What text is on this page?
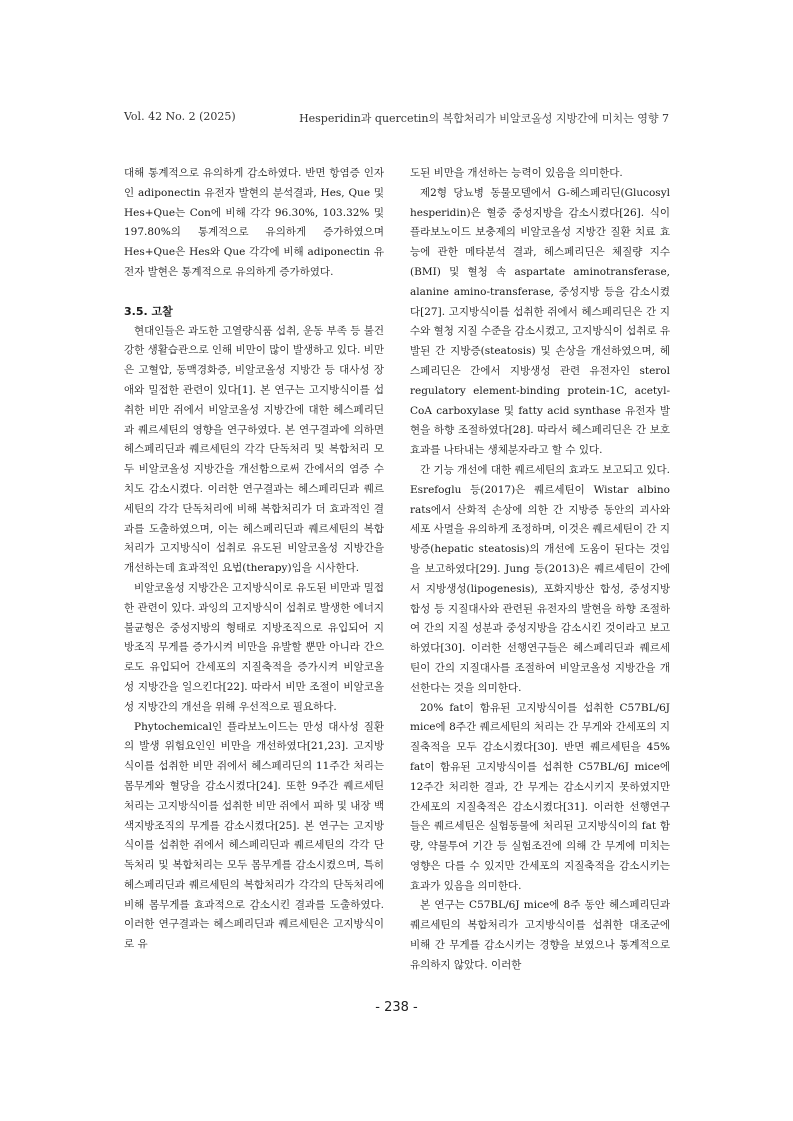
Vol. 42 No. 2 (2025)	Hesperidin과 quercetin의 복합처리가 비알코올성 지방간에 미치는 영향 7

대해 통계적으로 유의하게 감소하였다. 반면 항염증 인자인 adiponectin 유전자 발현의 분석결과, Hes, Que 및 Hes+Que는 Con에 비해 각각 96.30%, 103.32% 및 197.80%의 통계적으로 유의하게 증가하였으며 Hes+Que은 Hes와 Que 각각에 비해 adiponectin 유전자 발현은 통계적으로 유의하게 증가하였다.

3.5. 고찰

현대인들은 과도한 고열량식품 섭취, 운동 부족 등 불건강한 생활습관으로 인해 비만이 많이 발생하고 있다. 비만은 고혈압, 동맥경화증, 비알코올성 지방간 등 대사성 장애와 밀접한 관련이 있다[1]. 본 연구는 고지방식이를 섭취한 비만 쥐에서 비알코올성 지방간에 대한 헤스페리딘과 퀘르세틴의 영향을 연구하였다. 본 연구결과에 의하면 헤스페리딘과 퀘르세틴의 각각 단독처리 및 복합처리 모두 비알코올성 지방간을 개선함으로써 간에서의 염증 수치도 감소시켰다. 이러한 연구결과는 헤스페리딘과 퀘르세틴의 각각 단독처리에 비해 복합처리가 더 효과적인 결과를 도출하였으며, 이는 헤스페리딘과 퀘르세틴의 복합처리가 고지방식이 섭취로 유도된 비알코올성 지방간을 개선하는데 효과적인 요법(therapy)임을 시사한다.

비알코올성 지방간은 고지방식이로 유도된 비만과 밀접한 관련이 있다. 과잉의 고지방식이 섭취로 발생한 에너지 불균형은 중성지방의 형태로 지방조직으로 유입되어 지방조직 무게를 증가시켜 비만을 유발할 뿐만 아니라 간으로도 유입되어 간세포의 지질축적을 증가시켜 비알코올성 지방간을 일으킨다[22]. 따라서 비만 조절이 비알코올성 지방간의 개선을 위해 우선적으로 필요하다.

Phytochemical인 플라보노이드는 만성 대사성 질환의 발생 위험요인인 비만을 개선하였다[21,23]. 고지방식이를 섭취한 비만 쥐에서 헤스페리딘의 11주간 처리는 몸무게와 혈당을 감소시켰다[24]. 또한 9주간 퀘르세틴 처리는 고지방식이를 섭취한 비만 쥐에서 피하 및 내장 백색지방조직의 무게를 감소시켰다[25]. 본 연구는 고지방식이를 섭취한 쥐에서 헤스페리딘과 퀘르세틴의 각각 단독처리 및 복합처리는 모두 몸무게를 감소시켰으며, 특히 헤스페리딘과 퀘르세틴의 복합처리가 각각의 단독처리에 비해 몸무게를 효과적으로 감소시킨 결과를 도출하였다. 이러한 연구결과는 헤스페리딘과 퀘르세틴은 고지방식이로 유

도된 비만을 개선하는 능력이 있음을 의미한다.

제2형 당뇨병 동물모델에서 G-헤스페리딘(Glucosyl hesperidin)은 혈중 중성지방을 감소시켰다[26]. 식이 플라보노이드 보충제의 비알코올성 지방간 질환 치료 효능에 관한 메타분석 결과, 헤스페리딘은 체질량 지수(BMI) 및 혈청 속 aspartate aminotransferase, alanine amino-transferase, 중성지방 등을 감소시켰다[27]. 고지방식이를 섭취한 쥐에서 헤스페리딘은 간 지수와 혈청 지질 수준을 감소시켰고, 고지방식이 섭취로 유발된 간 지방증(steatosis) 및 손상을 개선하였으며, 헤스페리딘은 간에서 지방생성 관련 유전자인 sterol regulatory element-binding protein-1C, acetyl-CoA carboxylase 및 fatty acid synthase 유전자 발현을 하향 조절하였다[28]. 따라서 헤스페리딘은 간 보호 효과를 나타내는 생체분자라고 할 수 있다.

간 기능 개선에 대한 퀘르세틴의 효과도 보고되고 있다. Esrefoglu 등(2017)은 퀘르세틴이 Wistar albino rats에서 산화적 손상에 의한 간 지방증 동안의 괴사와 세포 사멸을 유의하게 조정하며, 이것은 퀘르세틴이 간 지방증(hepatic steatosis)의 개선에 도움이 된다는 것임을 보고하였다[29]. Jung 등(2013)은 퀘르세틴이 간에서 지방생성(lipogenesis), 포화지방산 합성, 중성지방 합성 등 지질대사와 관련된 유전자의 발현을 하향 조절하여 간의 지질 성분과 중성지방을 감소시킨 것이라고 보고하였다[30]. 이러한 선행연구들은 헤스페리딘과 퀘르세틴이 간의 지질대사를 조절하여 비알코올성 지방간을 개선한다는 것을 의미한다.

20% fat이 함유된 고지방식이를 섭취한 C57BL/6J mice에 8주간 퀘르세틴의 처리는 간 무게와 간세포의 지질축적을 모두 감소시켰다[30]. 반면 퀘르세틴을 45% fat이 함유된 고지방식이를 섭취한 C57BL/6J mice에 12주간 처리한 결과, 간 무게는 감소시키지 못하였지만 간세포의 지질축적은 감소시켰다[31]. 이러한 선행연구들은 퀘르세틴은 실험동물에 처리된 고지방식이의 fat 함량, 약물투여 기간 등 실험조건에 의해 간 무게에 미치는 영향은 다를 수 있지만 간세포의 지질축적을 감소시키는 효과가 있음을 의미한다.

본 연구는 C57BL/6J mice에 8주 동안 헤스페리딘과 퀘르세틴의 복합처리가 고지방식이를 섭취한 대조군에 비해 간 무게를 감소시키는 경향을 보였으나 통계적으로 유의하지 않았다. 이러한

- 238 -
